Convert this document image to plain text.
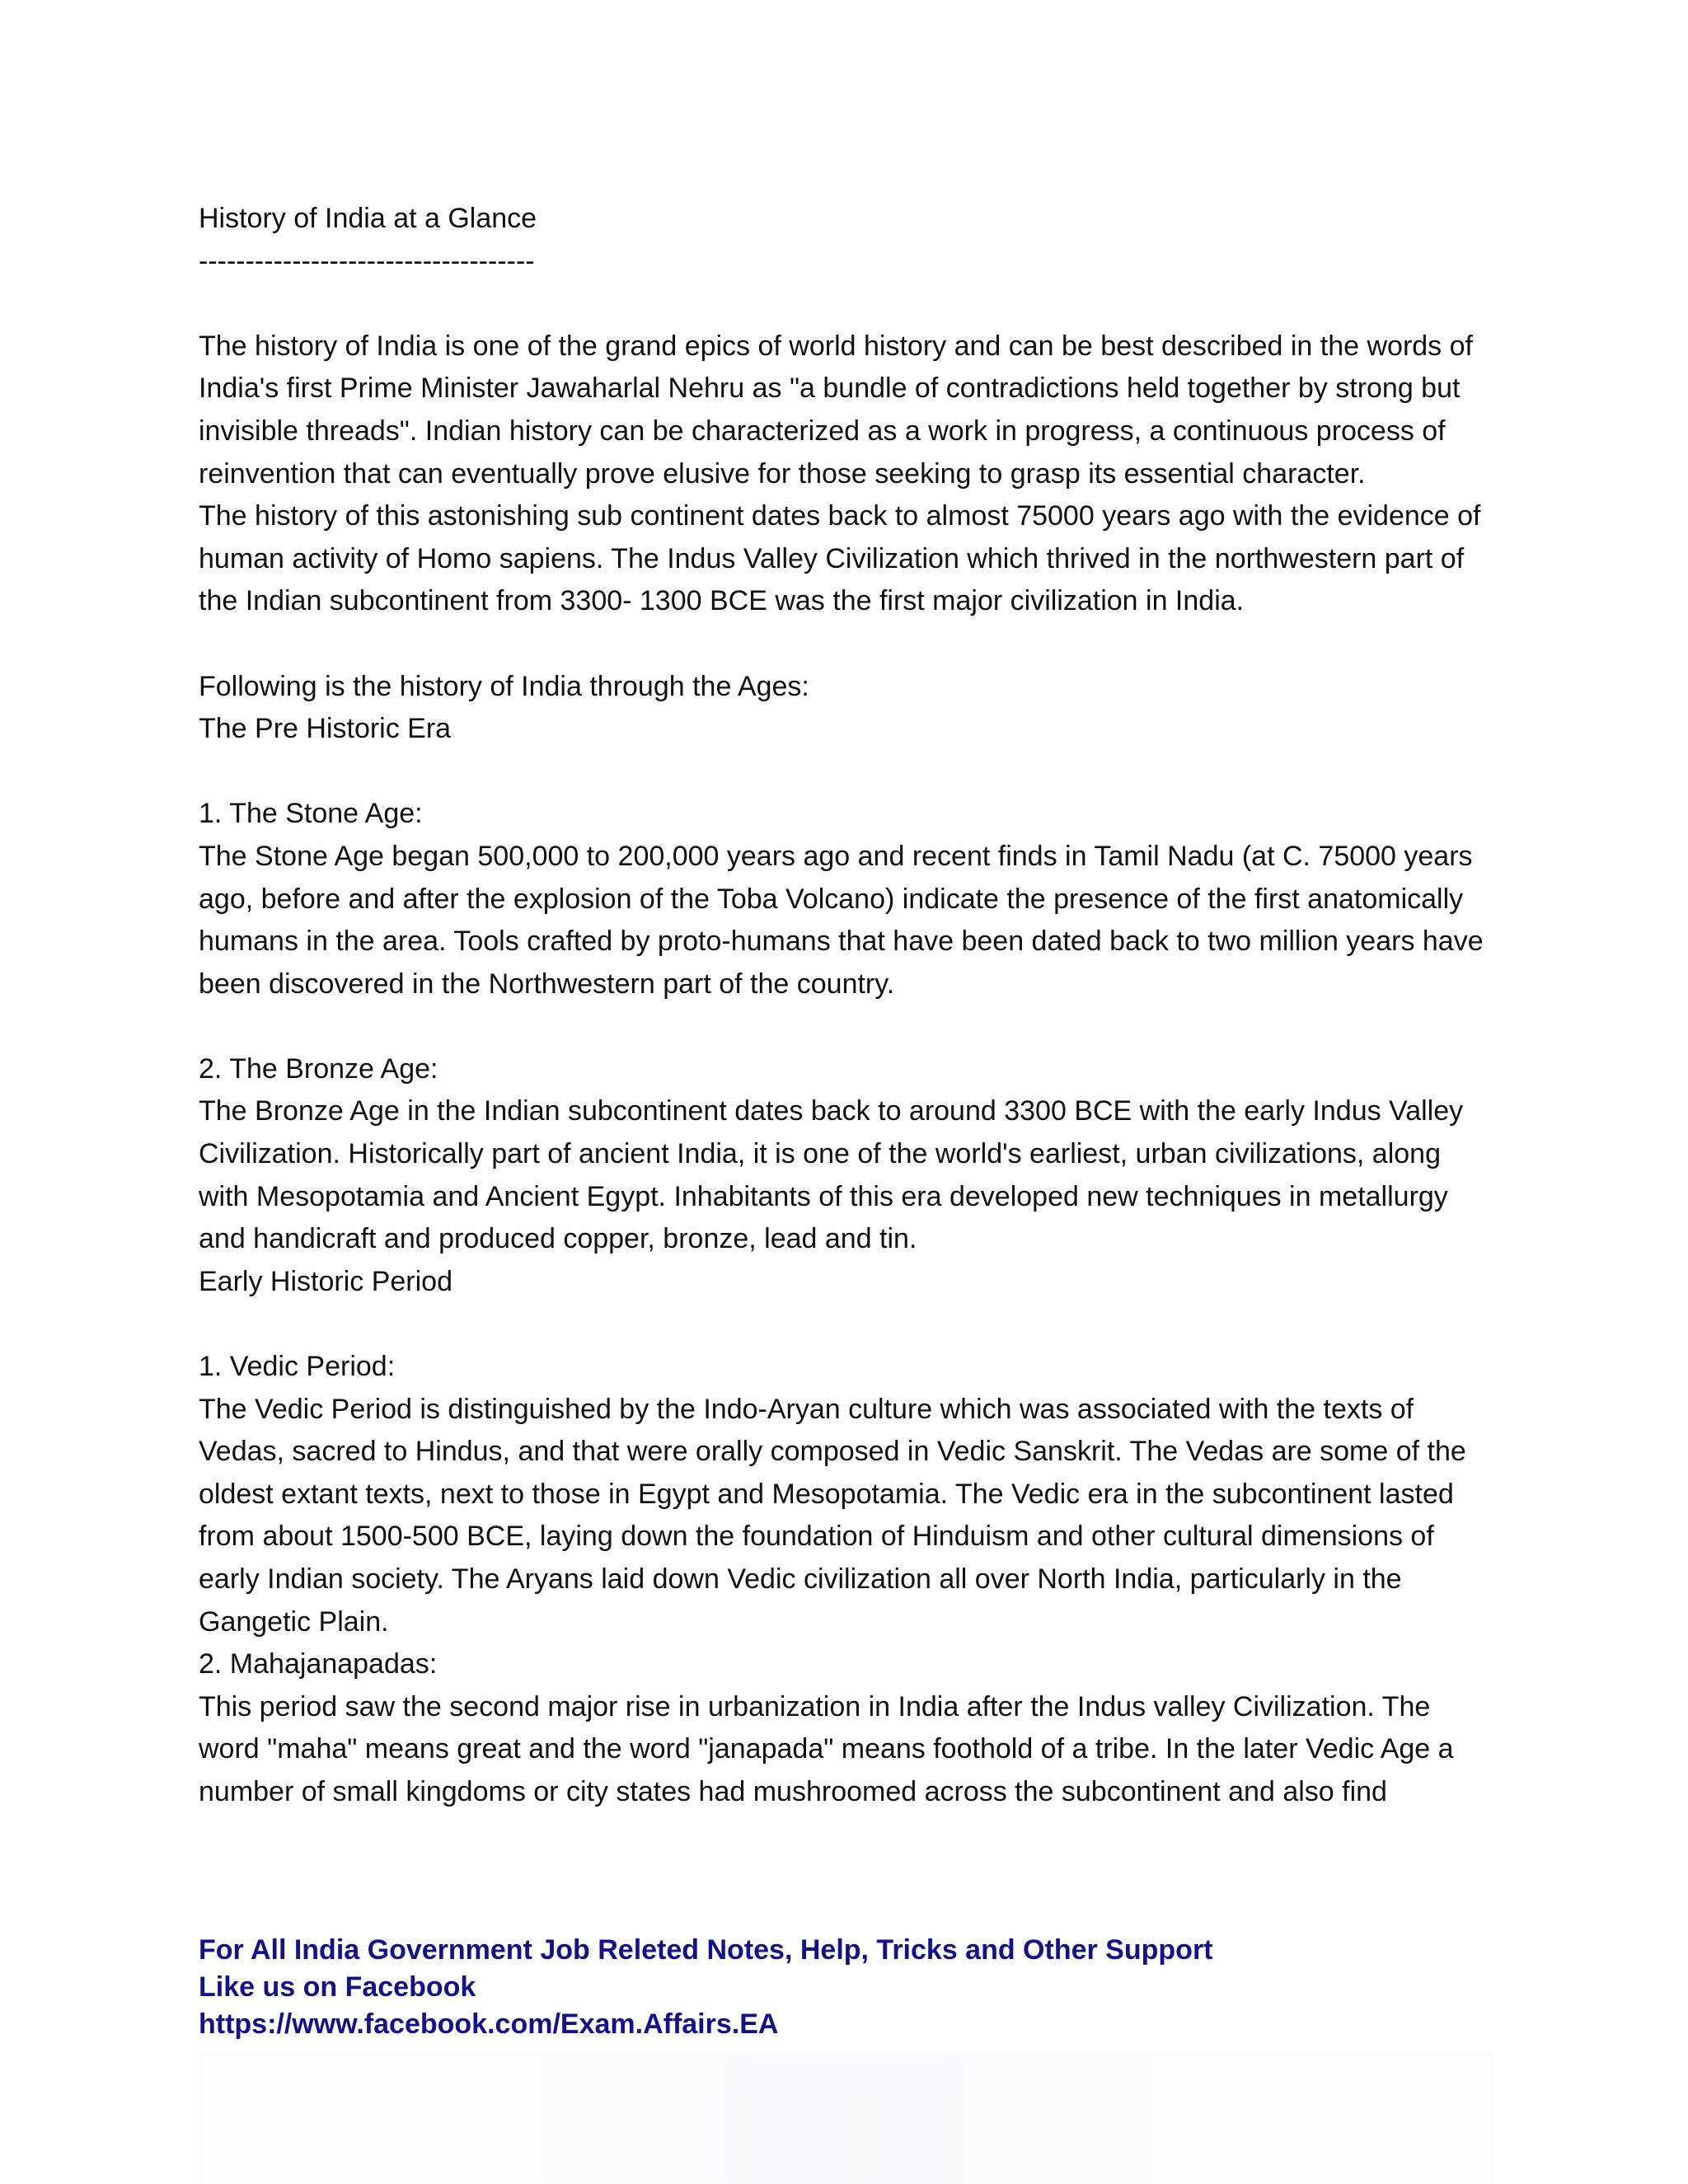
History of India at a Glance
------------------------------------
The history of India is one of the grand epics of world history and can be best described in the words of
India's first Prime Minister Jawaharlal Nehru as "a bundle of contradictions held together by strong but
invisible threads". Indian history can be characterized as a work in progress, a continuous process of
reinvention that can eventually prove elusive for those seeking to grasp its essential character.
The history of this astonishing sub continent dates back to almost 75000 years ago with the evidence of
human activity of Homo sapiens. The Indus Valley Civilization which thrived in the northwestern part of
the Indian subcontinent from 3300- 1300 BCE was the first major civilization in India.
Following is the history of India through the Ages:
The Pre Historic Era
1. The Stone Age:
The Stone Age began 500,000 to 200,000 years ago and recent finds in Tamil Nadu (at C. 75000 years
ago, before and after the explosion of the Toba Volcano) indicate the presence of the first anatomically
humans in the area. Tools crafted by proto-humans that have been dated back to two million years have
been discovered in the Northwestern part of the country.
2. The Bronze Age:
The Bronze Age in the Indian subcontinent dates back to around 3300 BCE with the early Indus Valley
Civilization. Historically part of ancient India, it is one of the world's earliest, urban civilizations, along
with Mesopotamia and Ancient Egypt. Inhabitants of this era developed new techniques in metallurgy
and handicraft and produced copper, bronze, lead and tin.
Early Historic Period
1. Vedic Period:
The Vedic Period is distinguished by the Indo-Aryan culture which was associated with the texts of
Vedas, sacred to Hindus, and that were orally composed in Vedic Sanskrit. The Vedas are some of the
oldest extant texts, next to those in Egypt and Mesopotamia. The Vedic era in the subcontinent lasted
from about 1500-500 BCE, laying down the foundation of Hinduism and other cultural dimensions of
early Indian society. The Aryans laid down Vedic civilization all over North India, particularly in the
Gangetic Plain.
2. Mahajanapadas:
This period saw the second major rise in urbanization in India after the Indus valley Civilization. The
word "maha" means great and the word "janapada" means foothold of a tribe. In the later Vedic Age a
number of small kingdoms or city states had mushroomed across the subcontinent and also find
For All India Government Job Releted Notes, Help, Tricks and Other Support
Like us on Facebook
https://www.facebook.com/Exam.Affairs.EA
